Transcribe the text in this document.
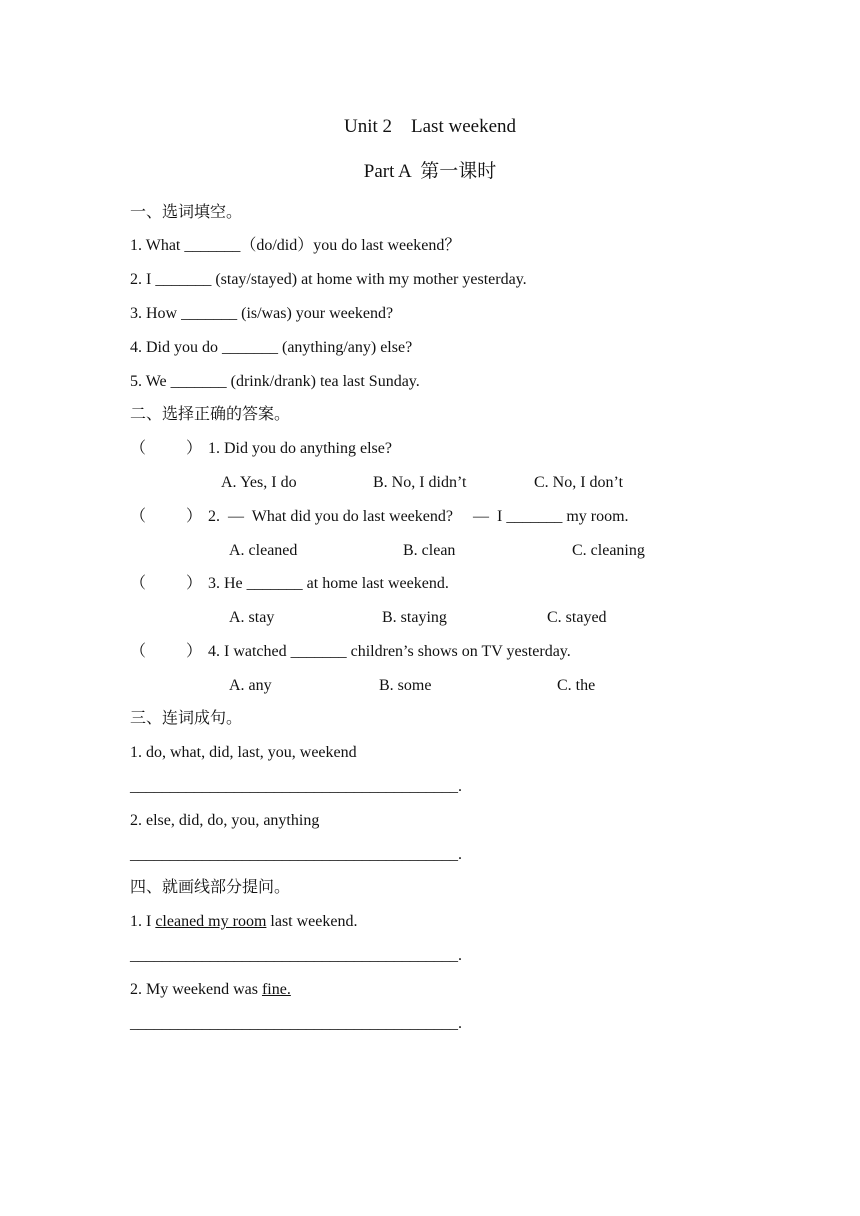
Unit 2    Last weekend
Part A  第一课时
一、选词填空。
1. What _______（do/did）you do last weekend？
2. I _______ (stay/stayed) at home with my mother yesterday.
3. How _______ (is/was) your weekend?
4. Did you do _______ (anything/any) else?
5. We _______ (drink/drank) tea last Sunday.
二、选择正确的答案。
（          ） 1. Did you do anything else?
A. Yes, I do	B. No, I didn’t	C. No, I don’t
（          ） 2.  —  What did you do last weekend?     —  I _______ my room.
A. cleaned	B. clean	C. cleaning
（          ） 3. He _______ at home last weekend.
A. stay	B. staying	C. stayed
（          ） 4. I watched _______ children’s shows on TV yesterday.
A. any	B. some	C. the
三、连词成句。
1. do, what, did, last, you, weekend
_________________________________________.
2. else, did, do, you, anything
_________________________________________.
四、就画线部分提问。
1. I cleaned my room last weekend.
_________________________________________.
2. My weekend was fine.
_________________________________________.
